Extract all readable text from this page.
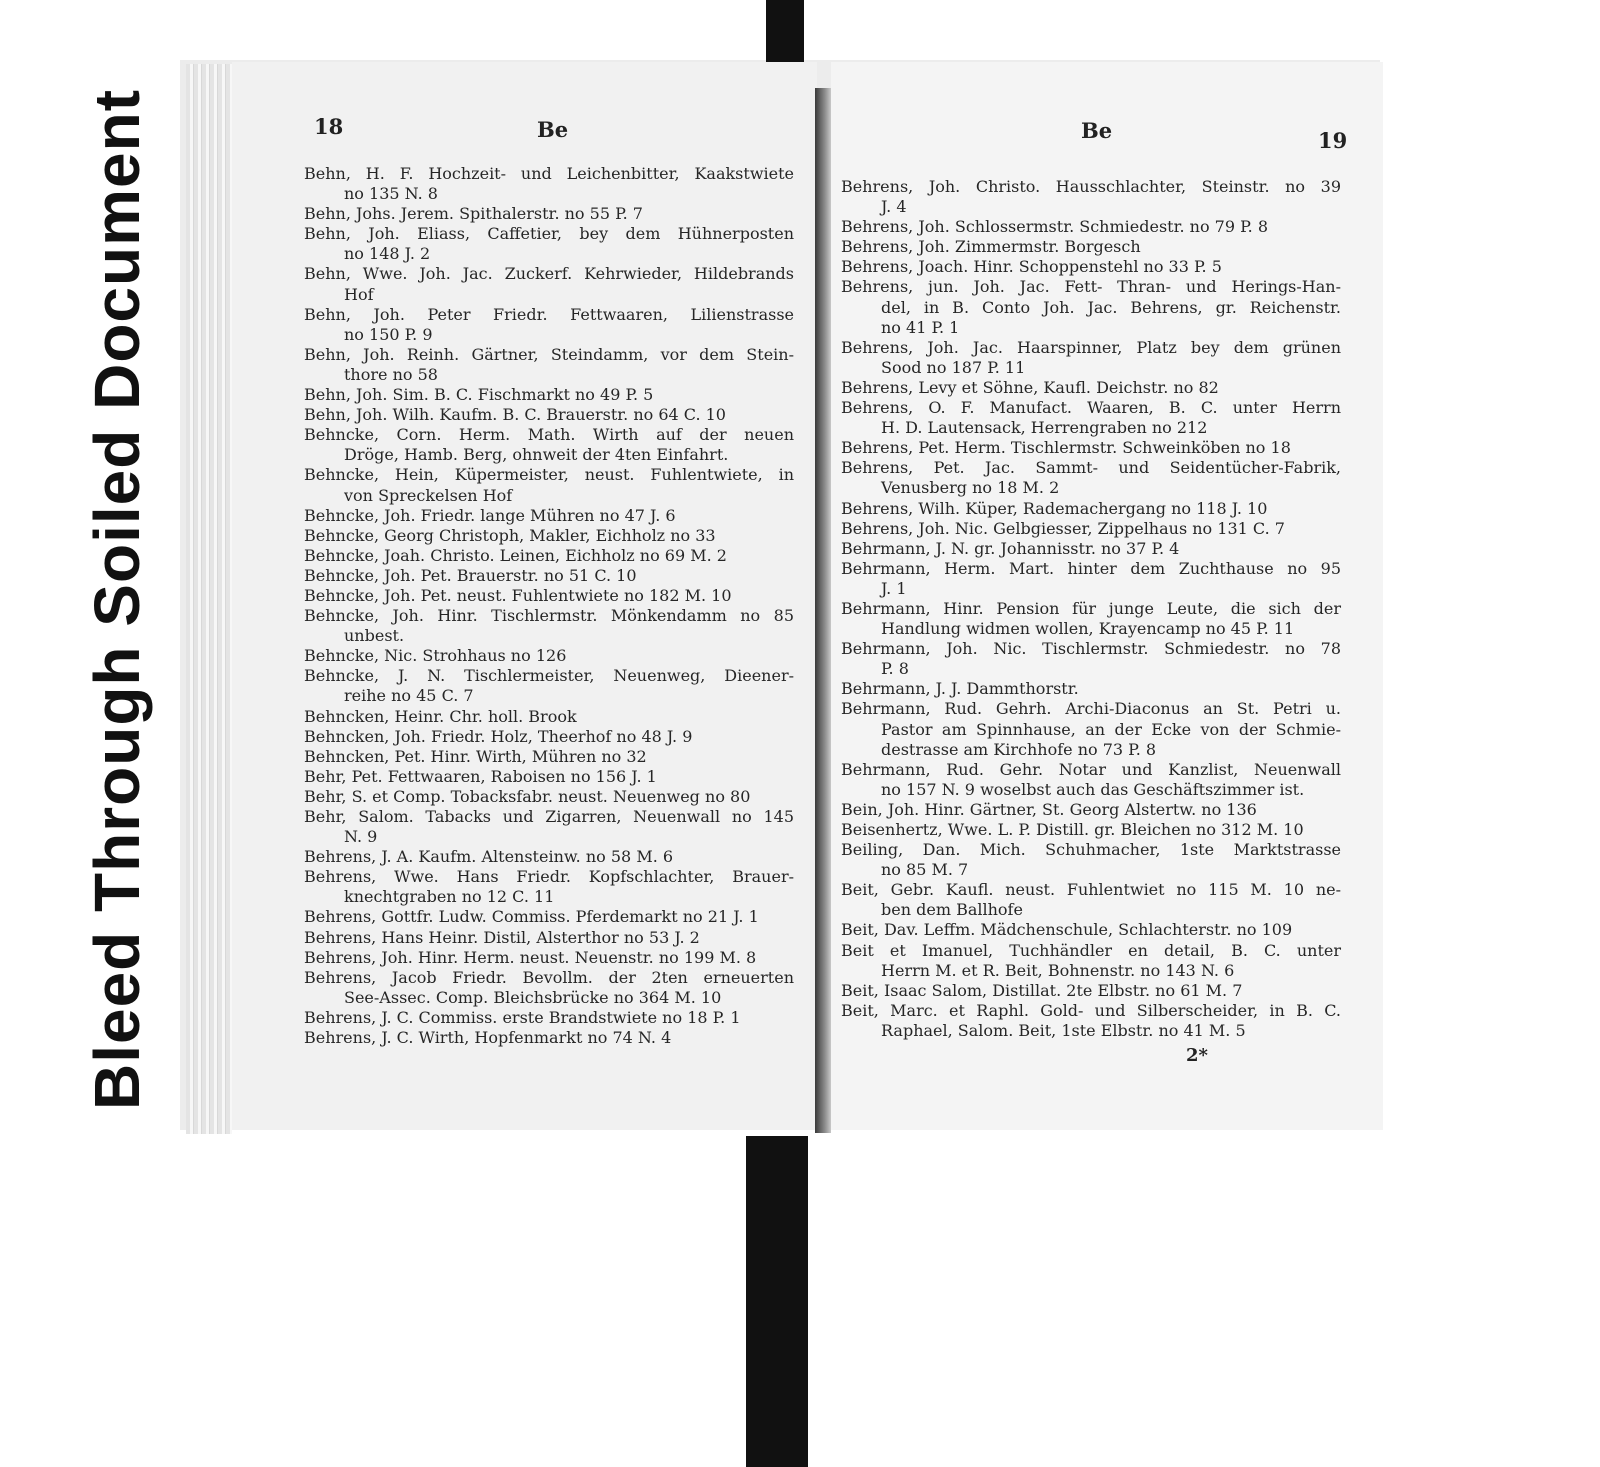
Bleed Through Soiled Document	18	Be
Behn, H. F. Hochzeit- und Leichenbitter, Kaakstwiete
no 135 N. 8
Behn, Johs. Jerem. Spithalerstr. no 55 P. 7
Behn, Joh. Eliass, Caffetier, bey dem Hühnerposten
no 148 J. 2
Behn, Wwe. Joh. Jac. Zuckerf. Kehrwieder, Hildebrands
Hof
Behn, Joh. Peter Friedr. Fettwaaren, Lilienstrasse
no 150 P. 9
Behn, Joh. Reinh. Gärtner, Steindamm, vor dem Stein-
thore no 58
Behn, Joh. Sim. B. C. Fischmarkt no 49 P. 5
Behn, Joh. Wilh. Kaufm. B. C. Brauerstr. no 64 C. 10
Behncke, Corn. Herm. Math. Wirth auf der neuen
Dröge, Hamb. Berg, ohnweit der 4ten Einfahrt.
Behncke, Hein, Küpermeister, neust. Fuhlentwiete, in
von Spreckelsen Hof
Behncke, Joh. Friedr. lange Mühren no 47 J. 6
Behncke, Georg Christoph, Makler, Eichholz no 33
Behncke, Joah. Christo. Leinen, Eichholz no 69 M. 2
Behncke, Joh. Pet. Brauerstr. no 51 C. 10
Behncke, Joh. Pet. neust. Fuhlentwiete no 182 M. 10
Behncke, Joh. Hinr. Tischlermstr. Mönkendamm no 85
unbest.
Behncke, Nic. Strohhaus no 126
Behncke, J. N. Tischlermeister, Neuenweg, Dieener-
reihe no 45 C. 7
Behncken, Heinr. Chr. holl. Brook
Behncken, Joh. Friedr. Holz, Theerhof no 48 J. 9
Behncken, Pet. Hinr. Wirth, Mühren no 32
Behr, Pet. Fettwaaren, Raboisen no 156 J. 1
Behr, S. et Comp. Tobacksfabr. neust. Neuenweg no 80
Behr, Salom. Tabacks und Zigarren, Neuenwall no 145
N. 9
Behrens, J. A. Kaufm. Altensteinw. no 58 M. 6
Behrens, Wwe. Hans Friedr. Kopfschlachter, Brauer-
knechtgraben no 12 C. 11
Behrens, Gottfr. Ludw. Commiss. Pferdemarkt no 21 J. 1
Behrens, Hans Heinr. Distil, Alsterthor no 53 J. 2
Behrens, Joh. Hinr. Herm. neust. Neuenstr. no 199 M. 8
Behrens, Jacob Friedr. Bevollm. der 2ten erneuerten
See-Assec. Comp. Bleichsbrücke no 364 M. 10
Behrens, J. C. Commiss. erste Brandstwiete no 18 P. 1
Behrens, J. C. Wirth, Hopfenmarkt no 74 N. 4
Be	19
Behrens, Joh. Christo. Hausschlachter, Steinstr. no 39
J. 4
Behrens, Joh. Schlossermstr. Schmiedestr. no 79 P. 8
Behrens, Joh. Zimmermstr. Borgesch
Behrens, Joach. Hinr. Schoppenstehl no 33 P. 5
Behrens, jun. Joh. Jac. Fett- Thran- und Herings-Han-
del, in B. Conto Joh. Jac. Behrens, gr. Reichenstr.
no 41 P. 1
Behrens, Joh. Jac. Haarspinner, Platz bey dem grünen
Sood no 187 P. 11
Behrens, Levy et Söhne, Kaufl. Deichstr. no 82
Behrens, O. F. Manufact. Waaren, B. C. unter Herrn
H. D. Lautensack, Herrengraben no 212
Behrens, Pet. Herm. Tischlermstr. Schweinköben no 18
Behrens, Pet. Jac. Sammt- und Seidentücher-Fabrik,
Venusberg no 18 M. 2
Behrens, Wilh. Küper, Rademachergang no 118 J. 10
Behrens, Joh. Nic. Gelbgiesser, Zippelhaus no 131 C. 7
Behrmann, J. N. gr. Johannisstr. no 37 P. 4
Behrmann, Herm. Mart. hinter dem Zuchthause no 95
J. 1
Behrmann, Hinr. Pension für junge Leute, die sich der
Handlung widmen wollen, Krayencamp no 45 P. 11
Behrmann, Joh. Nic. Tischlermstr. Schmiedestr. no 78
P. 8
Behrmann, J. J. Dammthorstr.
Behrmann, Rud. Gehrh. Archi-Diaconus an St. Petri u.
Pastor am Spinnhause, an der Ecke von der Schmie-
destrasse am Kirchhofe no 73 P. 8
Behrmann, Rud. Gehr. Notar und Kanzlist, Neuenwall
no 157 N. 9 woselbst auch das Geschäftszimmer ist.
Bein, Joh. Hinr. Gärtner, St. Georg Alstertw. no 136
Beisenhertz, Wwe. L. P. Distill. gr. Bleichen no 312 M. 10
Beiling, Dan. Mich. Schuhmacher, 1ste Marktstrasse
no 85 M. 7
Beit, Gebr. Kaufl. neust. Fuhlentwiet no 115 M. 10 ne-
ben dem Ballhofe
Beit, Dav. Leffm. Mädchenschule, Schlachterstr. no 109
Beit et Imanuel, Tuchhändler en detail, B. C. unter
Herrn M. et R. Beit, Bohnenstr. no 143 N. 6
Beit, Isaac Salom, Distillat. 2te Elbstr. no 61 M. 7
Beit, Marc. et Raphl. Gold- und Silberscheider, in B. C.
Raphael, Salom. Beit, 1ste Elbstr. no 41 M. 5
2*
